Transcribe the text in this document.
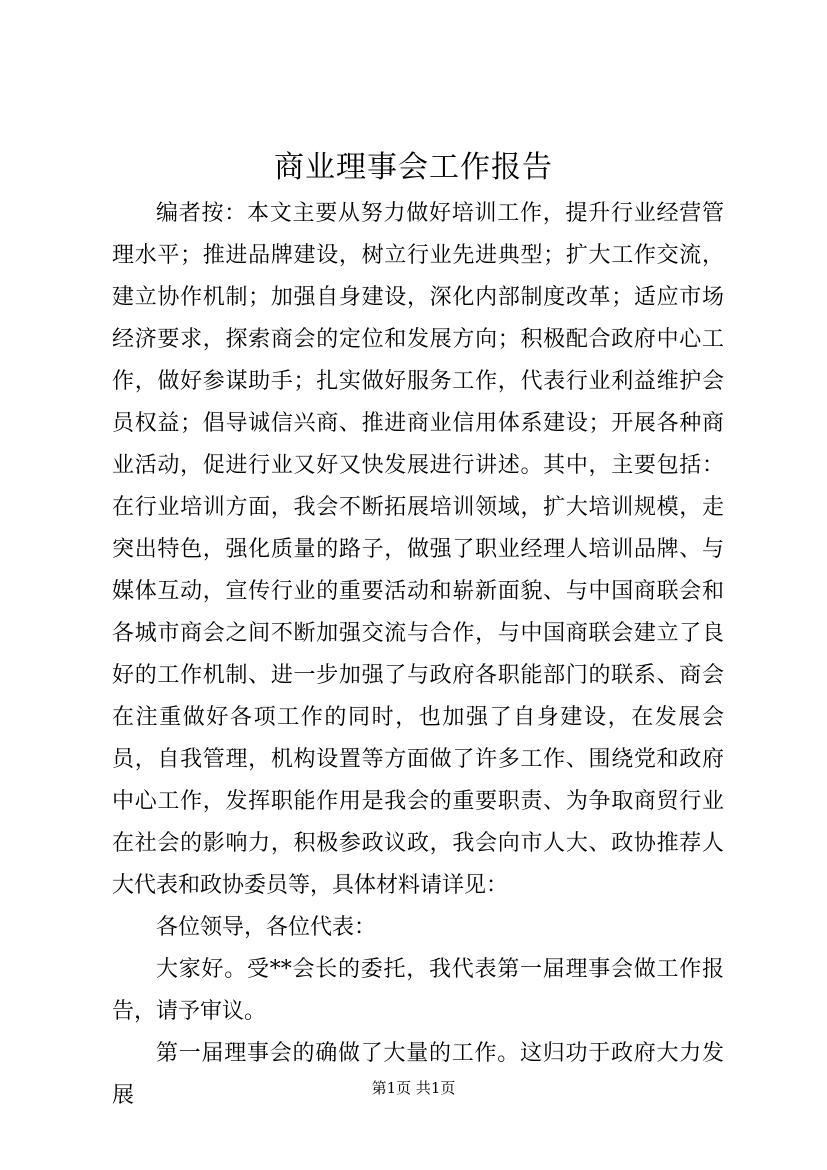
商业理事会工作报告

编者按：本文主要从努力做好培训工作，提升行业经营管理水平；推进品牌建设，树立行业先进典型；扩大工作交流，建立协作机制；加强自身建设，深化内部制度改革；适应市场经济要求，探索商会的定位和发展方向；积极配合政府中心工作，做好参谋助手；扎实做好服务工作，代表行业利益维护会员权益；倡导诚信兴商、推进商业信用体系建设；开展各种商业活动，促进行业又好又快发展进行讲述。其中，主要包括：在行业培训方面，我会不断拓展培训领域，扩大培训规模，走突出特色，强化质量的路子，做强了职业经理人培训品牌、与媒体互动，宣传行业的重要活动和崭新面貌、与中国商联会和各城市商会之间不断加强交流与合作，与中国商联会建立了良好的工作机制、进一步加强了与政府各职能部门的联系、商会在注重做好各项工作的同时，也加强了自身建设，在发展会员，自我管理，机构设置等方面做了许多工作、围绕党和政府中心工作，发挥职能作用是我会的重要职责、为争取商贸行业在社会的影响力，积极参政议政，我会向市人大、政协推荐人大代表和政协委员等，具体材料请详见：

各位领导，各位代表：

大家好。受**会长的委托，我代表第一届理事会做工作报告，请予审议。

第一届理事会的确做了大量的工作。这归功于政府大力发展	第1页 共1页
